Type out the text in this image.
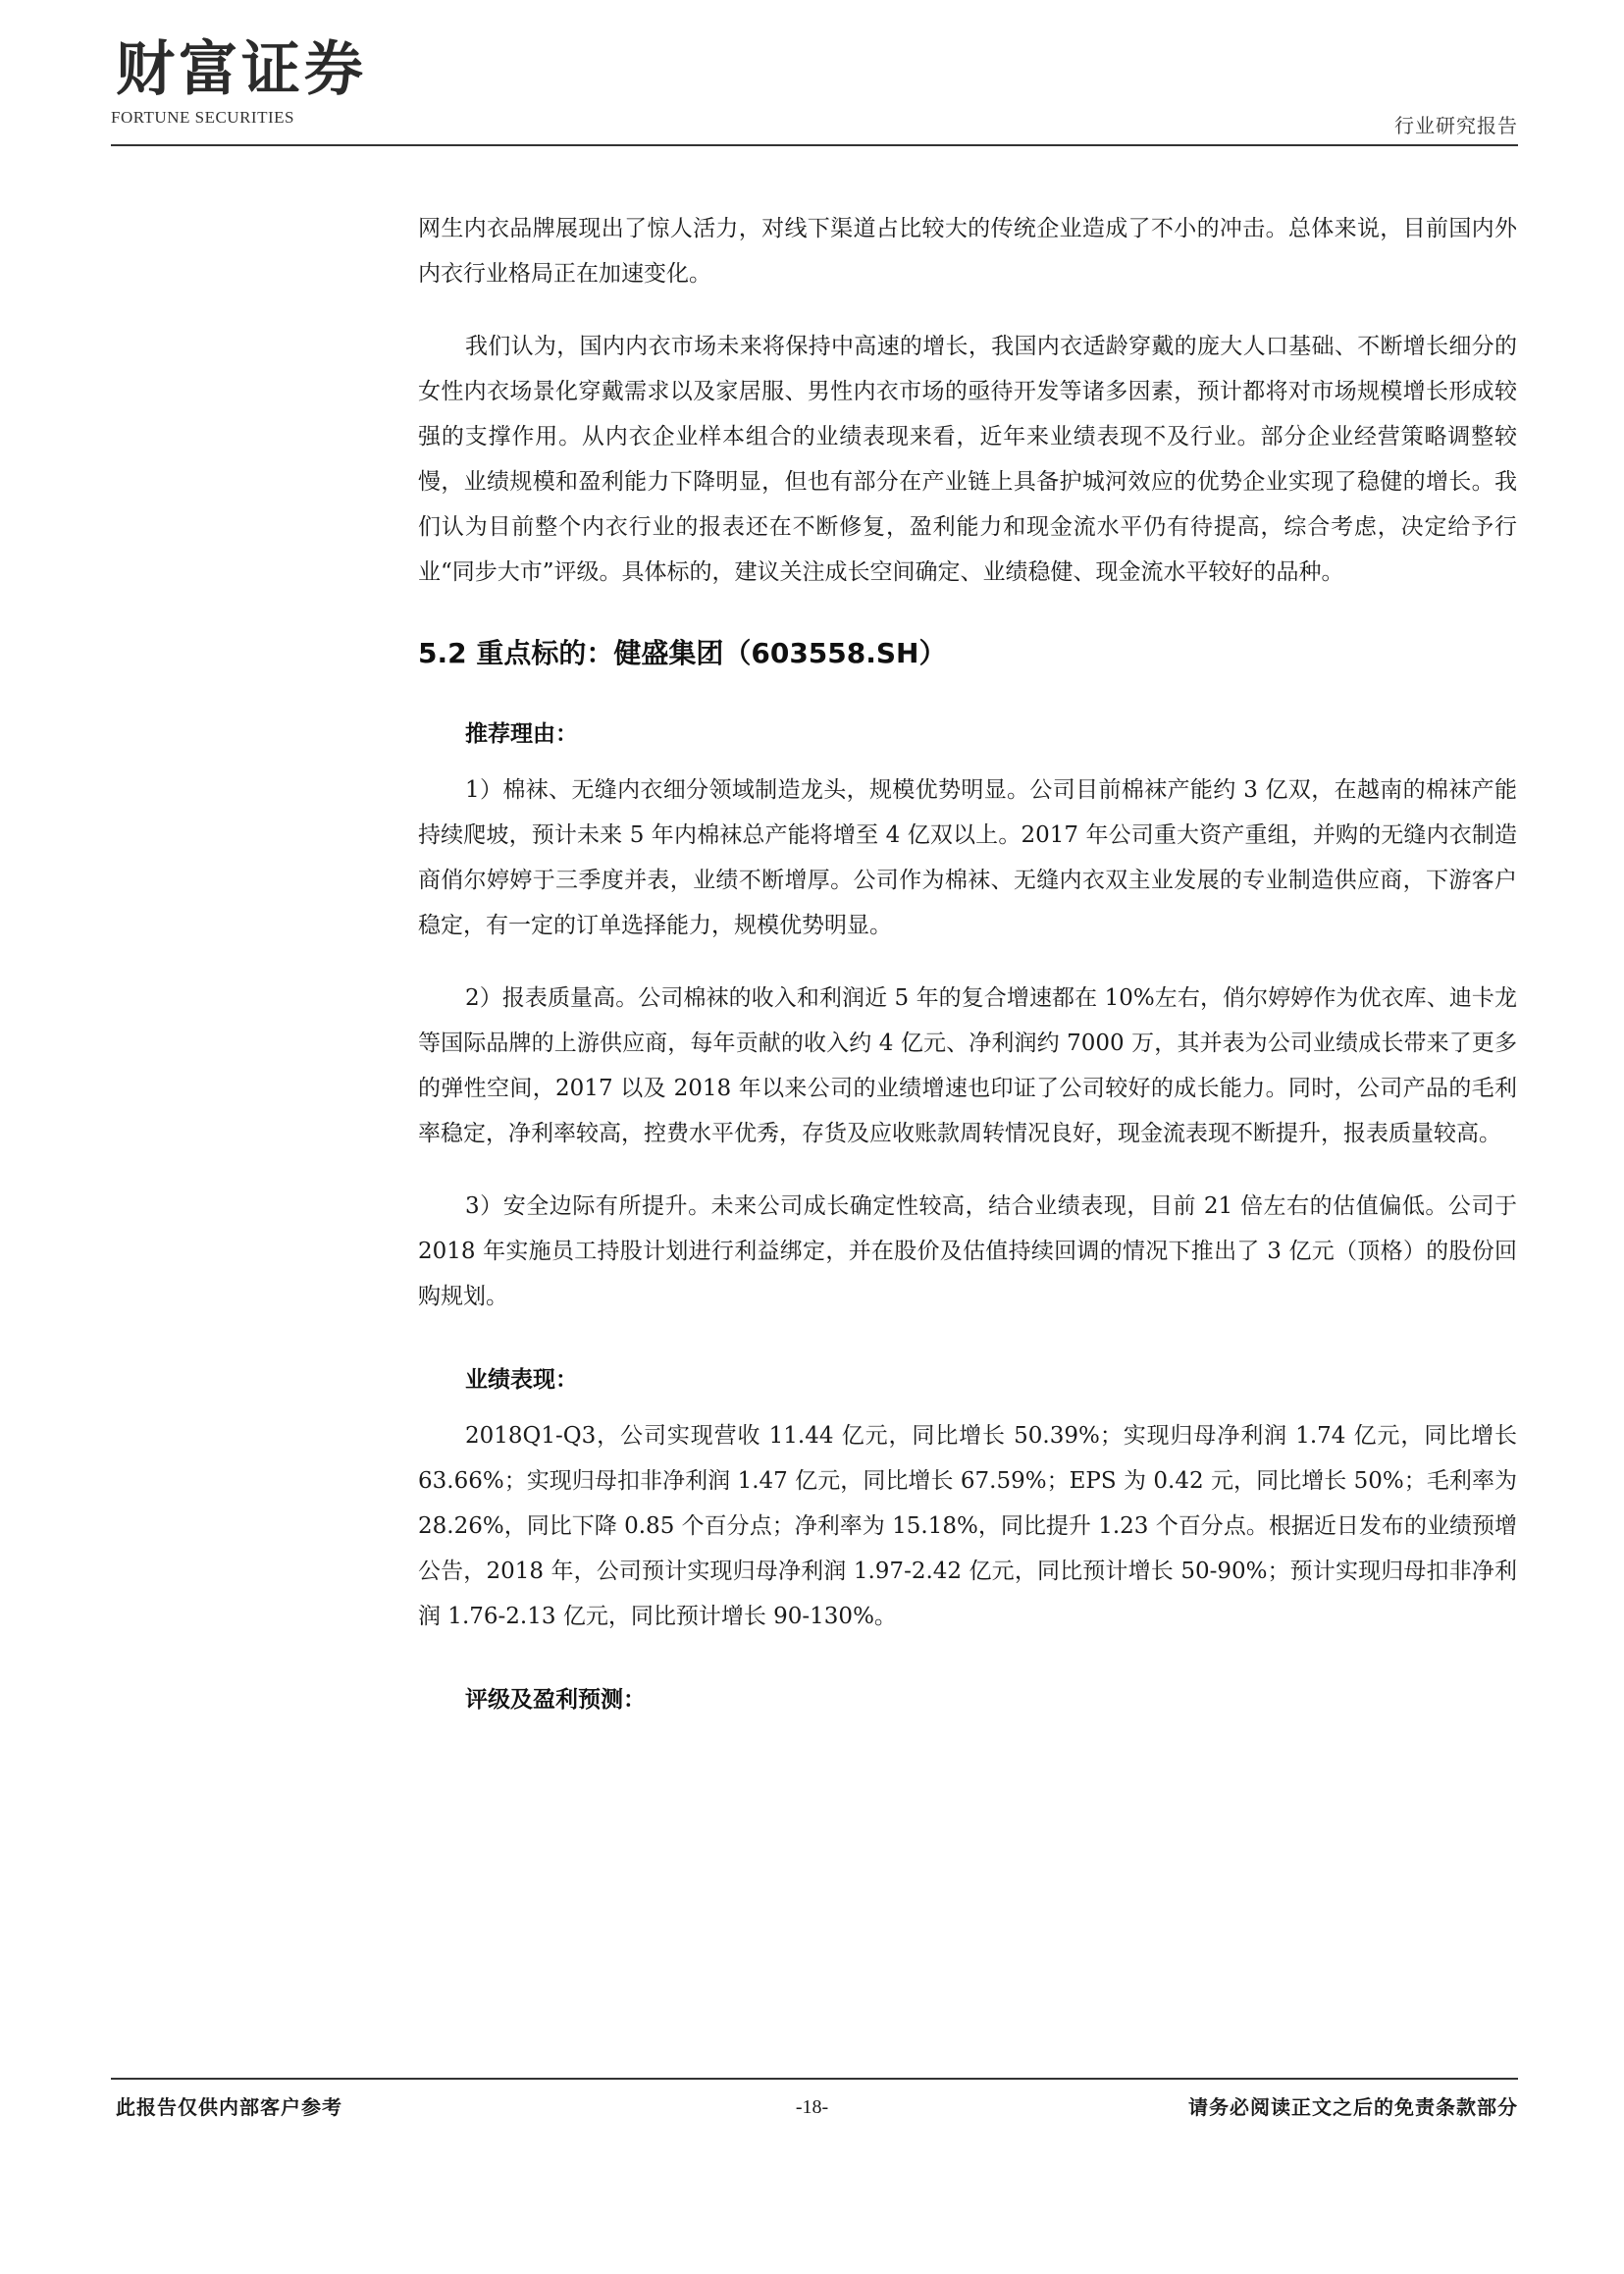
财富证券
FORTUNE SECURITIES	行业研究报告

网生内衣品牌展现出了惊人活力，对线下渠道占比较大的传统企业造成了不小的冲击。总体来说，目前国内外内衣行业格局正在加速变化。

我们认为，国内内衣市场未来将保持中高速的增长，我国内衣适龄穿戴的庞大人口基础、不断增长细分的女性内衣场景化穿戴需求以及家居服、男性内衣市场的亟待开发等诸多因素，预计都将对市场规模增长形成较强的支撑作用。从内衣企业样本组合的业绩表现来看，近年来业绩表现不及行业。部分企业经营策略调整较慢，业绩规模和盈利能力下降明显，但也有部分在产业链上具备护城河效应的优势企业实现了稳健的增长。我们认为目前整个内衣行业的报表还在不断修复，盈利能力和现金流水平仍有待提高，综合考虑，决定给予行业“同步大市”评级。具体标的，建议关注成长空间确定、业绩稳健、现金流水平较好的品种。

5.2 重点标的：健盛集团（603558.SH）
推荐理由：

1）棉袜、无缝内衣细分领域制造龙头，规模优势明显。公司目前棉袜产能约 3 亿双，在越南的棉袜产能持续爬坡，预计未来 5 年内棉袜总产能将增至 4 亿双以上。2017 年公司重大资产重组，并购的无缝内衣制造商俏尔婷婷于三季度并表，业绩不断增厚。公司作为棉袜、无缝内衣双主业发展的专业制造供应商，下游客户稳定，有一定的订单选择能力，规模优势明显。

2）报表质量高。公司棉袜的收入和利润近 5 年的复合增速都在 10%左右，俏尔婷婷作为优衣库、迪卡龙等国际品牌的上游供应商，每年贡献的收入约 4 亿元、净利润约 7000 万，其并表为公司业绩成长带来了更多的弹性空间，2017 以及 2018 年以来公司的业绩增速也印证了公司较好的成长能力。同时，公司产品的毛利率稳定，净利率较高，控费水平优秀，存货及应收账款周转情况良好，现金流表现不断提升，报表质量较高。

3）安全边际有所提升。未来公司成长确定性较高，结合业绩表现，目前 21 倍左右的估值偏低。公司于 2018 年实施员工持股计划进行利益绑定，并在股价及估值持续回调的情况下推出了 3 亿元（顶格）的股份回购规划。

业绩表现：

2018Q1-Q3，公司实现营收 11.44 亿元，同比增长 50.39%；实现归母净利润 1.74 亿元，同比增长 63.66%；实现归母扣非净利润 1.47 亿元，同比增长 67.59%；EPS 为 0.42 元，同比增长 50%；毛利率为 28.26%，同比下降 0.85 个百分点；净利率为 15.18%，同比提升 1.23 个百分点。根据近日发布的业绩预增公告，2018 年，公司预计实现归母净利润 1.97-2.42 亿元，同比预计增长 50-90%；预计实现归母扣非净利润 1.76-2.13 亿元，同比预计增长 90-130%。

评级及盈利预测：
此报告仅供内部客户参考	-18-	请务必阅读正文之后的免责条款部分
